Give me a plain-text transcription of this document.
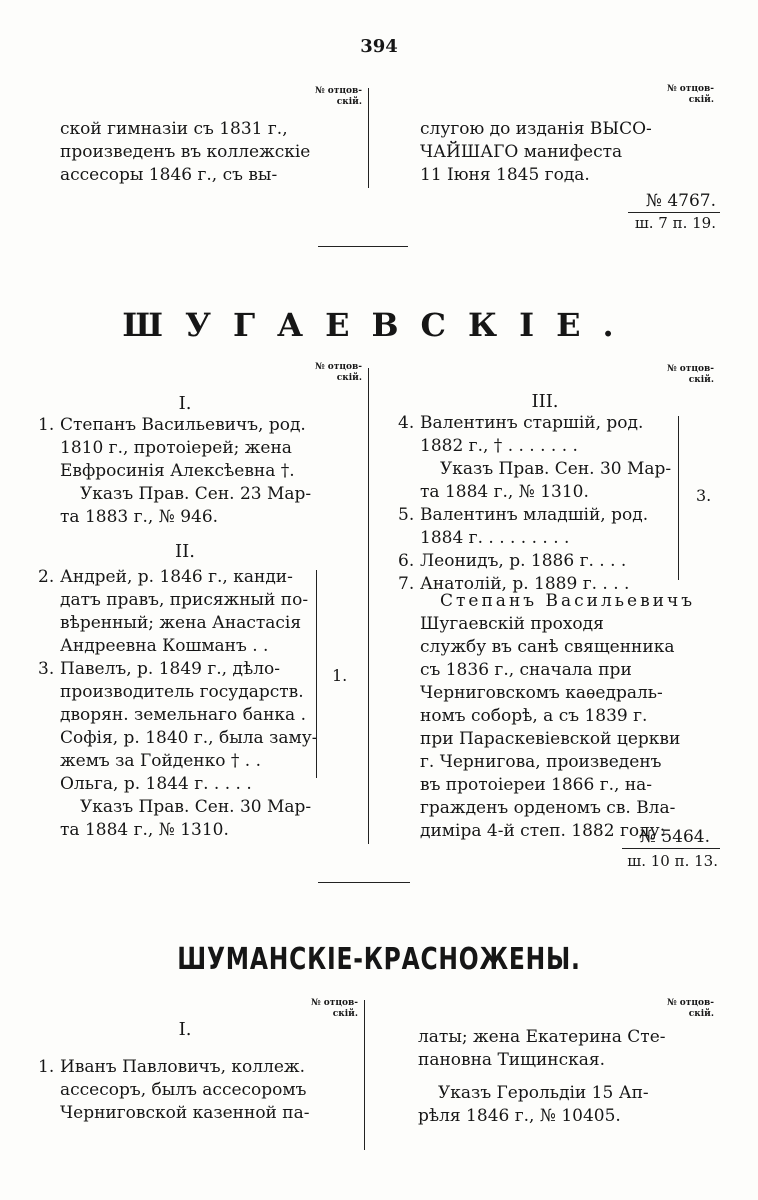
394
№ отцов-скій.
№ отцов-скій.
ской гимназіи съ 1831 г.,
произведенъ въ коллежскіе
ассесоры 1846 г., съ вы-
слугою до изданія ВЫСО-
ЧАЙШАГО манифеста
11 Іюня 1845 года.
№ 4767.
ш. 7 п. 19.
ШУГАЕВСКІЕ.
№ отцов-скій.
№ отцов-скій.
I.
1. Степанъ Васильевичъ, род.
1810 г., протоіерей; жена
Евфросинія Алексѣевна †.
Указъ Прав. Сен. 23 Мар-
та 1883 г., № 946.
II.
2. Андрей, р. 1846 г., канди-
датъ правъ, присяжный по-
вѣренный; жена Анастасія
Андреевна Кошманъ . .
3. Павелъ, р. 1849 г., дѣло-
производитель государств.
дворян. земельнаго банка .
Софія, р. 1840 г., была заму-
жемъ за Гойденко † . .
Ольга, р. 1844 г. . . . .
Указъ Прав. Сен. 30 Мар-
та 1884 г., № 1310.
1.
III.
4. Валентинъ старшій, род.
1882 г., † . . . . . . .
Указъ Прав. Сен. 30 Мар-
та 1884 г., № 1310.
5. Валентинъ младшій, род.
1884 г. . . . . . . . .
6. Леонидъ, р. 1886 г. . . .
7. Анатолій, р. 1889 г. . . .
3.
Степанъ Васильевичъ
Шугаевскій проходя
службу въ санѣ священника
съ 1836 г., сначала при
Черниговскомъ каѳедраль-
номъ соборѣ, а съ 1839 г.
при Параскевіевской церкви
г. Чернигова, произведенъ
въ протоіереи 1866 г., на-
гражденъ орденомъ св. Вла-
диміра 4-й степ. 1882 году:
№ 5464.
ш. 10 п. 13.
ШУМАНСКІЕ-КРАСНОЖЕНЫ.
№ отцов-скій.
№ отцов-скій.
I.
1. Иванъ Павловичъ, коллеж.
ассесоръ, былъ ассесоромъ
Черниговской казенной па-
латы; жена Екатерина Сте-
пановна Тищинская.
Указъ Герольдіи 15 Ап-
рѣля 1846 г., № 10405.
